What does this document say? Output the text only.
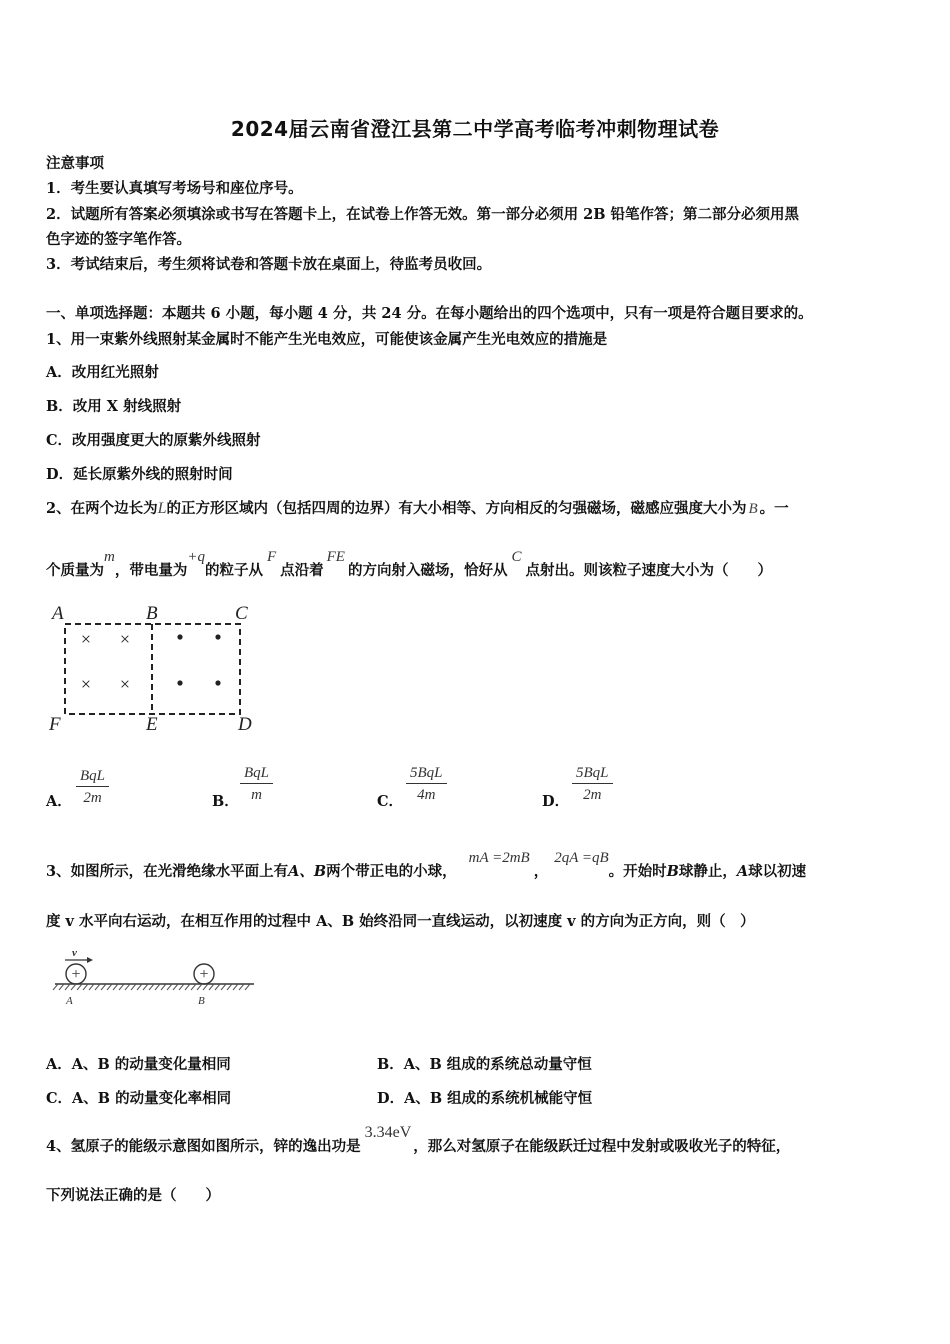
2024届云南省澄江县第二中学高考临考冲刺物理试卷
注意事项
1．考生要认真填写考场号和座位序号。
2．试题所有答案必须填涂或书写在答题卡上，在试卷上作答无效。第一部分必须用 2B 铅笔作答；第二部分必须用黑
色字迹的签字笔作答。
3．考试结束后，考生须将试卷和答题卡放在桌面上，待监考员收回。
一、单项选择题：本题共 6 小题，每小题 4 分，共 24 分。在每小题给出的四个选项中，只有一项是符合题目要求的。
1、用一束紫外线照射某金属时不能产生光电效应，可能使该金属产生光电效应的措施是
A．改用红光照射
B．改用 X 射线照射
C．改用强度更大的原紫外线照射
D．延长原紫外线的照射时间
2、在两个边长为L的正方形区域内（包括四周的边界）有大小相等、方向相反的匀强磁场，磁感应强度大小为 B 。一
个质量为m，带电量为+q的粒子从F点沿着FE的方向射入磁场，恰好从C点射出。则该粒子速度大小为（　　）
A	B	C
F	E	D
× ×
× ×
A．
BqL
2m	B．
BqL
m	C．
5BqL
4m	D．
5BqL
2m
3、如图所示，在光滑绝缘水平面上有A、B两个带正电的小球，mA =2mB，2qA =qB。开始时B球静止，A球以初速
度 v 水平向右运动，在相互作用的过程中 A、B 始终沿同一直线运动，以初速度 v 的方向为正方向，则（　）
v
+	+
A	B
A．A、B 的动量变化量相同	B．A、B 组成的系统总动量守恒
C．A、B 的动量变化率相同	D．A、B 组成的系统机械能守恒
4、氢原子的能级示意图如图所示，锌的逸出功是3.34eV，那么对氢原子在能级跃迁过程中发射或吸收光子的特征，
下列说法正确的是（　　）
